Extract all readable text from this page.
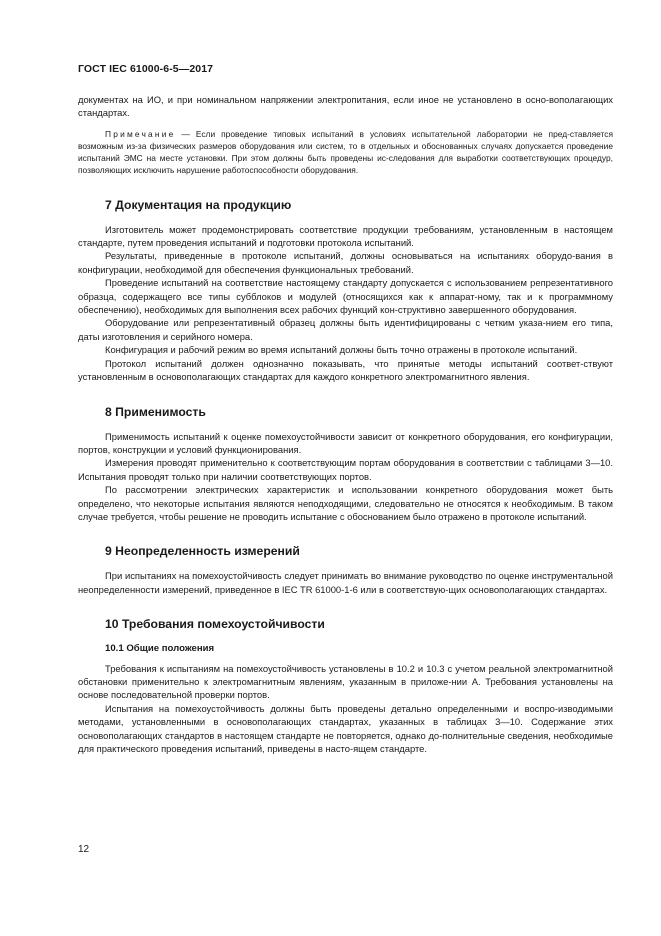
ГОСТ IEC 61000-6-5—2017

документах на ИО, и при номинальном напряжении электропитания, если иное не установлено в осно-вополагающих стандартах.

Примечание — Если проведение типовых испытаний в условиях испытательной лаборатории не пред-ставляется возможным из-за физических размеров оборудования или систем, то в отдельных и обоснованных случаях допускается проведение испытаний ЭМС на месте установки. При этом должны быть проведены ис-следования для выработки соответствующих процедур, позволяющих исключить нарушение работоспособности оборудования.

7 Документация на продукцию

Изготовитель может продемонстрировать соответствие продукции требованиям, установленным в настоящем стандарте, путем проведения испытаний и подготовки протокола испытаний.

Результаты, приведенные в протоколе испытаний, должны основываться на испытаниях оборудо-вания в конфигурации, необходимой для обеспечения функциональных требований.

Проведение испытаний на соответствие настоящему стандарту допускается с использованием репрезентативного образца, содержащего все типы субблоков и модулей (относящихся как к аппарат-ному, так и к программному обеспечению), необходимых для выполнения всех рабочих функций кон-структивно завершенного оборудования.

Оборудование или репрезентативный образец должны быть идентифицированы с четким указа-нием его типа, даты изготовления и серийного номера.

Конфигурация и рабочий режим во время испытаний должны быть точно отражены в протоколе испытаний.

Протокол испытаний должен однозначно показывать, что принятые методы испытаний соответ-ствуют установленным в основополагающих стандартах для каждого конкретного электромагнитного явления.

8 Применимость

Применимость испытаний к оценке помехоустойчивости зависит от конкретного оборудования, его конфигурации, портов, конструкции и условий функционирования.

Измерения проводят применительно к соответствующим портам оборудования в соответствии с таблицами 3—10. Испытания проводят только при наличии соответствующих портов.

По рассмотрении электрических характеристик и использовании конкретного оборудования может быть определено, что некоторые испытания являются неподходящими, следовательно не относятся к необходимым. В таком случае требуется, чтобы решение не проводить испытание с обоснованием было отражено в протоколе испытаний.

9 Неопределенность измерений

При испытаниях на помехоустойчивость следует принимать во внимание руководство по оценке инструментальной неопределенности измерений, приведенное в IEC TR 61000-1-6 или в соответствую-щих основополагающих стандартах.

10 Требования помехоустойчивости
10.1 Общие положения

Требования к испытаниям на помехоустойчивость установлены в 10.2 и 10.3 с учетом реальной электромагнитной обстановки применительно к электромагнитным явлениям, указанным в приложе-нии А. Требования установлены на основе последовательной проверки портов.

Испытания на помехоустойчивость должны быть проведены детально определенными и воспро-изводимыми методами, установленными в основополагающих стандартах, указанных в таблицах 3—10. Содержание этих основополагающих стандартов в настоящем стандарте не повторяется, однако до-полнительные сведения, необходимые для практического проведения испытаний, приведены в насто-ящем стандарте.

12
